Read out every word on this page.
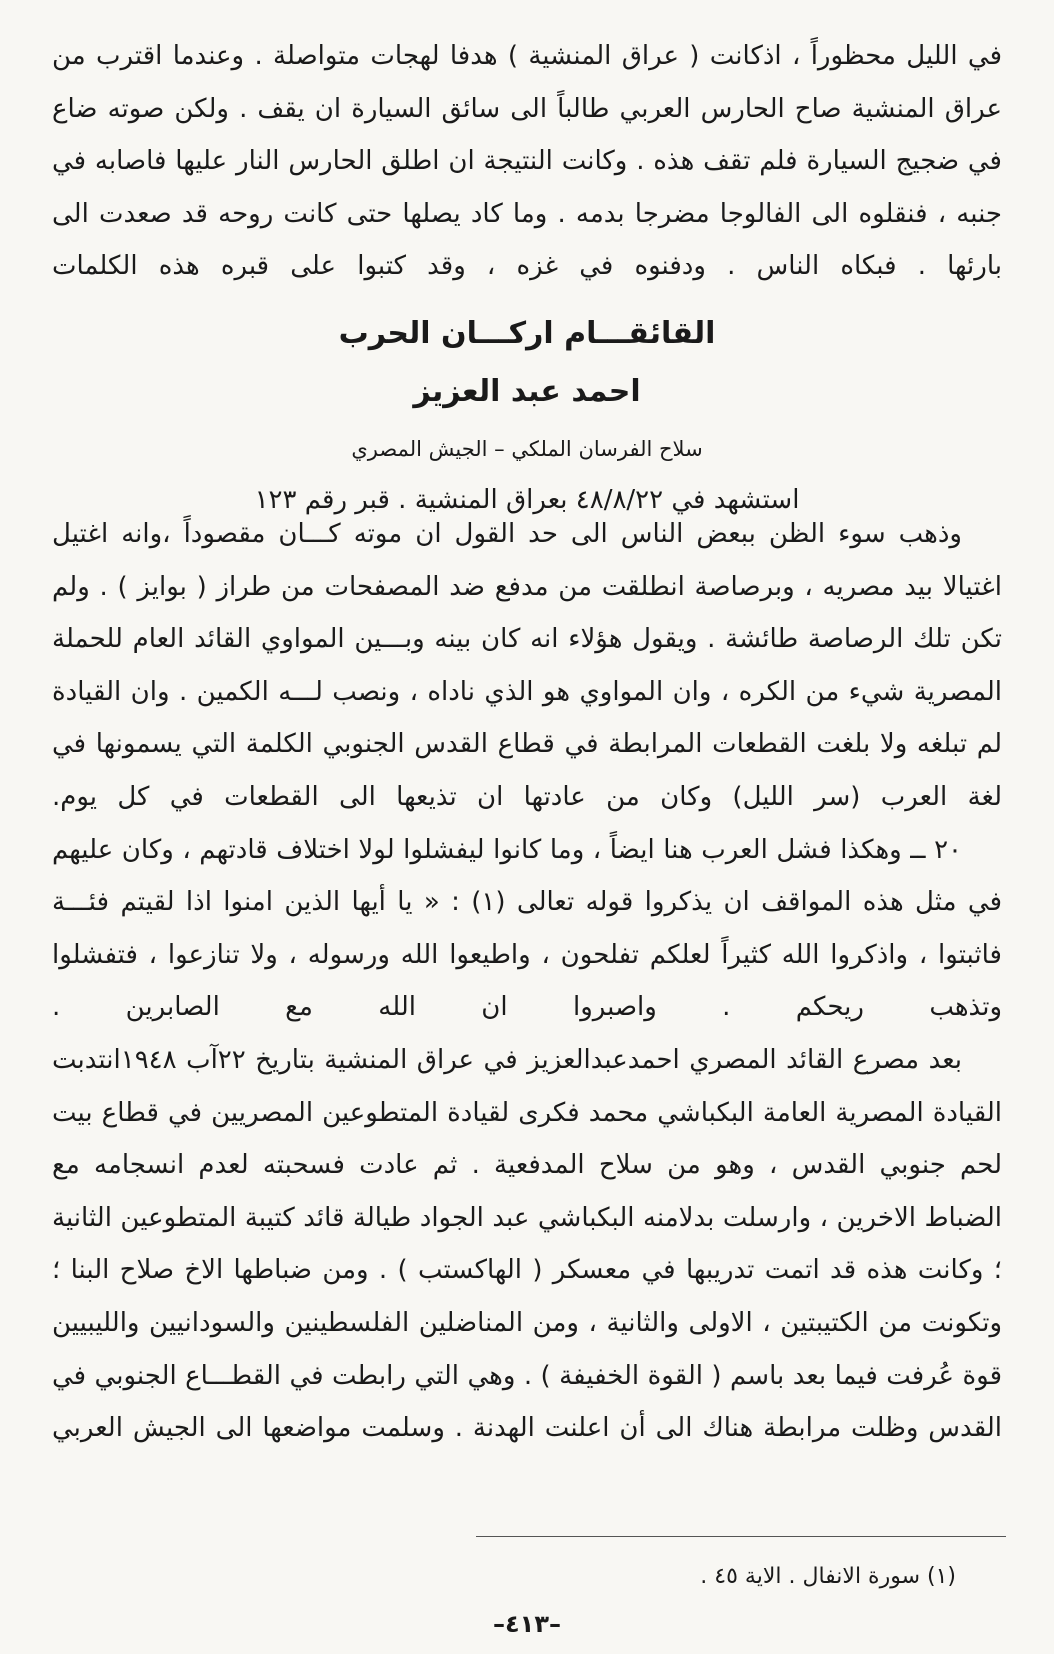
في الليل محظوراً ، اذكانت ( عراق المنشية ) هدفا لهجات متواصلة . وعندما اقترب من عراق المنشية صاح الحارس العربي طالباً الى سائق السيارة ان يقف . ولكن صوته ضاع في ضجيج السيارة فلم تقف هذه . وكانت النتيجة ان اطلق الحارس النار عليها فاصابه في جنبه ، فنقلوه الى الفالوجا مضرجا بدمه . وما كاد يصلها حتى كانت روحه قد صعدت الى بارئها . فبكاه الناس . ودفنوه في غزه ، وقد كتبوا على قبره هذه الكلمات

القائقـــام اركـــان الحرب
احمد عبد العزيز
سلاح الفرسان الملكي – الجيش المصري
استشهد في ٤٨/٨/٢٢ بعراق المنشية . قبر رقم ١٢٣

وذهب سوء الظن ببعض الناس الى حد القول ان موته كـــان مقصوداً ،وانه اغتيل اغتيالا بيد مصريه ، وبرصاصة انطلقت من مدفع ضد المصفحات من طراز ( بوايز ) . ولم تكن تلك الرصاصة طائشة . ويقول هؤلاء انه كان بينه وبـــين المواوي القائد العام للحملة المصرية شيء من الكره ، وان المواوي هو الذي ناداه ، ونصب لـــه الكمين . وان القيادة لم تبلغه ولا بلغت القطعات المرابطة في قطاع القدس الجنوبي الكلمة التي يسمونها في لغة العرب (سر الليل) وكان من عادتها ان تذيعها الى القطعات في كل يوم.

٢٠ ــ وهكذا فشل العرب هنا ايضاً ، وما كانوا ليفشلوا لولا اختلاف قادتهم ، وكان عليهم في مثل هذه المواقف ان يذكروا قوله تعالى (١) : « يا أيها الذين امنوا اذا لقيتم فئـــة فاثبتوا ، واذكروا الله كثيراً لعلكم تفلحون ، واطيعوا الله ورسوله ، ولا تنازعوا ، فتفشلوا وتذهب ريحكم . واصبروا ان الله مع الصابرين .

بعد مصرع القائد المصري احمدعبدالعزيز في عراق المنشية بتاريخ ٢٢آب ١٩٤٨انتدبت القيادة المصرية العامة البكباشي محمد فكرى لقيادة المتطوعين المصريين في قطاع بيت لحم جنوبي القدس ، وهو من سلاح المدفعية . ثم عادت فسحبته لعدم انسجامه مع الضباط الاخرين ، وارسلت بدلامنه البكباشي عبد الجواد طيالة قائد كتيبة المتطوعين الثانية ؛ وكانت هذه قد اتمت تدريبها في معسكر ( الهاكستب ) . ومن ضباطها الاخ صلاح البنا ؛ وتكونت من الكتيبتين ، الاولى والثانية ، ومن المناضلين الفلسطينين والسودانيين والليبيين قوة عُرفت فيما بعد باسم ( القوة الخفيفة ) . وهي التي رابطت في القطـــاع الجنوبي في القدس وظلت مرابطة هناك الى أن اعلنت الهدنة . وسلمت مواضعها الى الجيش العربي

(١) سورة الانفال . الاية ٤٥ .
–٤١٣–
